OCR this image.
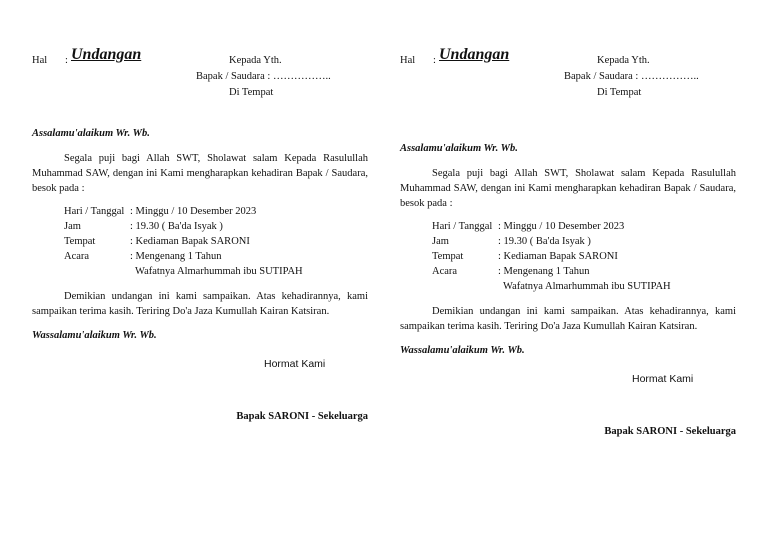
Hal : Undangan	Kepada Yth.
Bapak / Saudara : ……………..
Di Tempat

Assalamu'alaikum Wr. Wb.

Segala puji bagi Allah SWT, Sholawat salam Kepada Rasulullah Muhammad SAW, dengan ini Kami mengharapkan kehadiran Bapak / Saudara, besok pada :

Hari / Tanggal : Minggu / 10 Desember 2023
Jam	: 19.30 ( Ba'da Isyak )
Tempat	: Kediaman Bapak SARONI
Acara	: Mengenang 1 Tahun
Wafatnya Almarhummah ibu SUTIPAH

Demikian undangan ini kami sampaikan. Atas kehadirannya, kami sampaikan terima kasih. Teriring Do'a Jaza Kumullah Kairan Katsiran.

Wassalamu'alaikum Wr. Wb.

Hormat Kami
Bapak SARONI - Sekeluarga
Hal : Undangan	Kepada Yth.
Bapak / Saudara : ……………..
Di Tempat

Assalamu'alaikum Wr. Wb.

Segala puji bagi Allah SWT, Sholawat salam Kepada Rasulullah Muhammad SAW, dengan ini Kami mengharapkan kehadiran Bapak / Saudara, besok pada :

Hari / Tanggal : Minggu / 10 Desember 2023
Jam	: 19.30 ( Ba'da Isyak )
Tempat	: Kediaman Bapak SARONI
Acara	: Mengenang 1 Tahun
Wafatnya Almarhummah ibu SUTIPAH

Demikian undangan ini kami sampaikan. Atas kehadirannya, kami sampaikan terima kasih. Teriring Do'a Jaza Kumullah Kairan Katsiran.

Wassalamu'alaikum Wr. Wb.

Hormat Kami
Bapak SARONI - Sekeluarga
